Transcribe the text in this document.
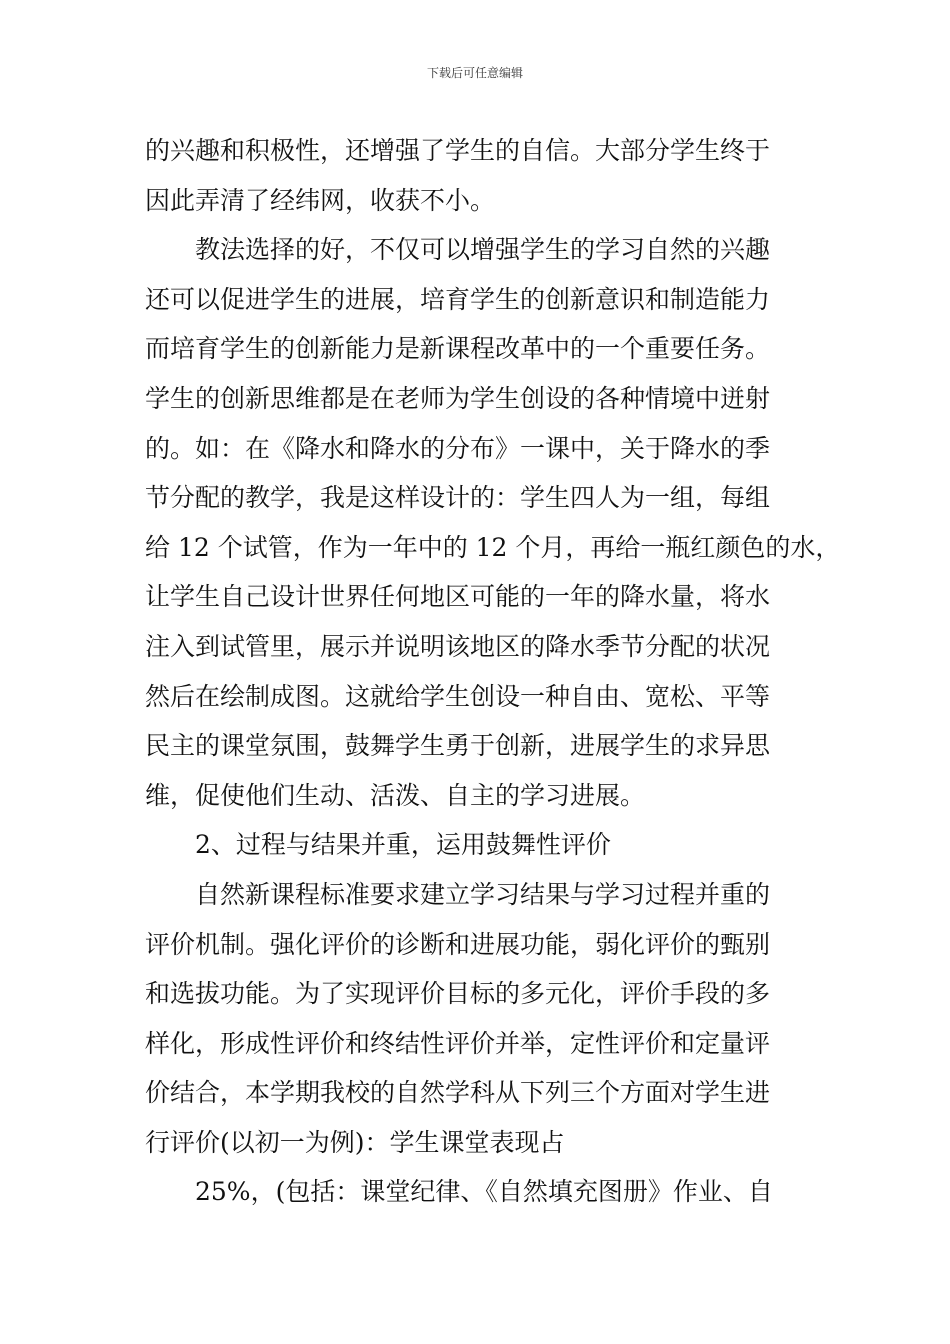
下载后可任意编辑
的兴趣和积极性，还增强了学生的自信。大部分学生终于
因此弄清了经纬网，收获不小。
教法选择的好，不仅可以增强学生的学习自然的兴趣
还可以促进学生的进展，培育学生的创新意识和制造能力
而培育学生的创新能力是新课程改革中的一个重要任务。
学生的创新思维都是在老师为学生创设的各种情境中迸射
的。如：在《降水和降水的分布》一课中，关于降水的季
节分配的教学，我是这样设计的：学生四人为一组，每组
给 12 个试管，作为一年中的 12 个月，再给一瓶红颜色的水，
让学生自己设计世界任何地区可能的一年的降水量，将水
注入到试管里，展示并说明该地区的降水季节分配的状况
然后在绘制成图。这就给学生创设一种自由、宽松、平等
民主的课堂氛围，鼓舞学生勇于创新，进展学生的求异思
维，促使他们生动、活泼、自主的学习进展。
2、过程与结果并重，运用鼓舞性评价
自然新课程标准要求建立学习结果与学习过程并重的
评价机制。强化评价的诊断和进展功能，弱化评价的甄别
和选拔功能。为了实现评价目标的多元化，评价手段的多
样化，形成性评价和终结性评价并举，定性评价和定量评
价结合，本学期我校的自然学科从下列三个方面对学生进
行评价(以初一为例)：学生课堂表现占
25%，(包括：课堂纪律、《自然填充图册》作业、自
